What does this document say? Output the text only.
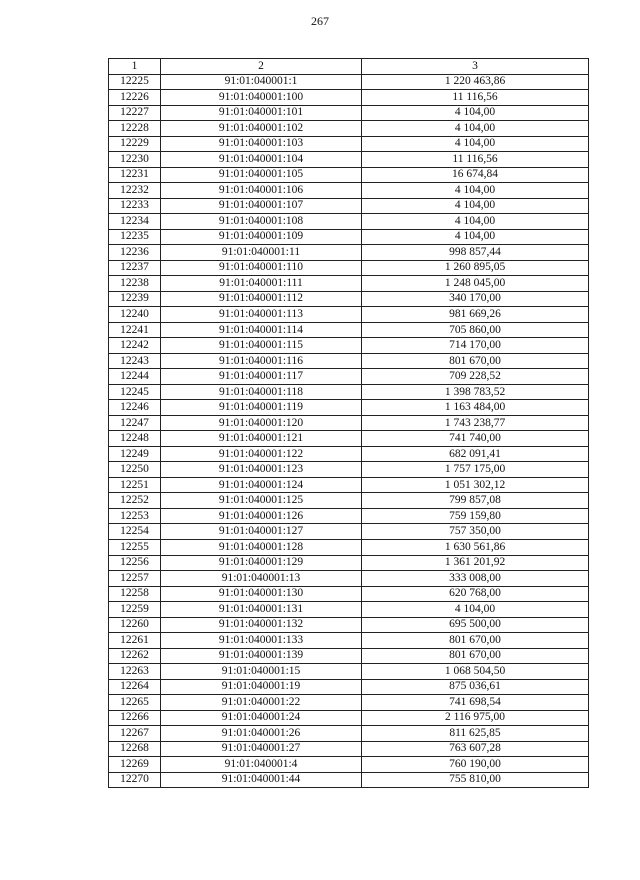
267
1	2	3
12225	91:01:040001:1	1 220 463,86
12226	91:01:040001:100	11 116,56
12227	91:01:040001:101	4 104,00
12228	91:01:040001:102	4 104,00
12229	91:01:040001:103	4 104,00
12230	91:01:040001:104	11 116,56
12231	91:01:040001:105	16 674,84
12232	91:01:040001:106	4 104,00
12233	91:01:040001:107	4 104,00
12234	91:01:040001:108	4 104,00
12235	91:01:040001:109	4 104,00
12236	91:01:040001:11	998 857,44
12237	91:01:040001:110	1 260 895,05
12238	91:01:040001:111	1 248 045,00
12239	91:01:040001:112	340 170,00
12240	91:01:040001:113	981 669,26
12241	91:01:040001:114	705 860,00
12242	91:01:040001:115	714 170,00
12243	91:01:040001:116	801 670,00
12244	91:01:040001:117	709 228,52
12245	91:01:040001:118	1 398 783,52
12246	91:01:040001:119	1 163 484,00
12247	91:01:040001:120	1 743 238,77
12248	91:01:040001:121	741 740,00
12249	91:01:040001:122	682 091,41
12250	91:01:040001:123	1 757 175,00
12251	91:01:040001:124	1 051 302,12
12252	91:01:040001:125	799 857,08
12253	91:01:040001:126	759 159,80
12254	91:01:040001:127	757 350,00
12255	91:01:040001:128	1 630 561,86
12256	91:01:040001:129	1 361 201,92
12257	91:01:040001:13	333 008,00
12258	91:01:040001:130	620 768,00
12259	91:01:040001:131	4 104,00
12260	91:01:040001:132	695 500,00
12261	91:01:040001:133	801 670,00
12262	91:01:040001:139	801 670,00
12263	91:01:040001:15	1 068 504,50
12264	91:01:040001:19	875 036,61
12265	91:01:040001:22	741 698,54
12266	91:01:040001:24	2 116 975,00
12267	91:01:040001:26	811 625,85
12268	91:01:040001:27	763 607,28
12269	91:01:040001:4	760 190,00
12270	91:01:040001:44	755 810,00
